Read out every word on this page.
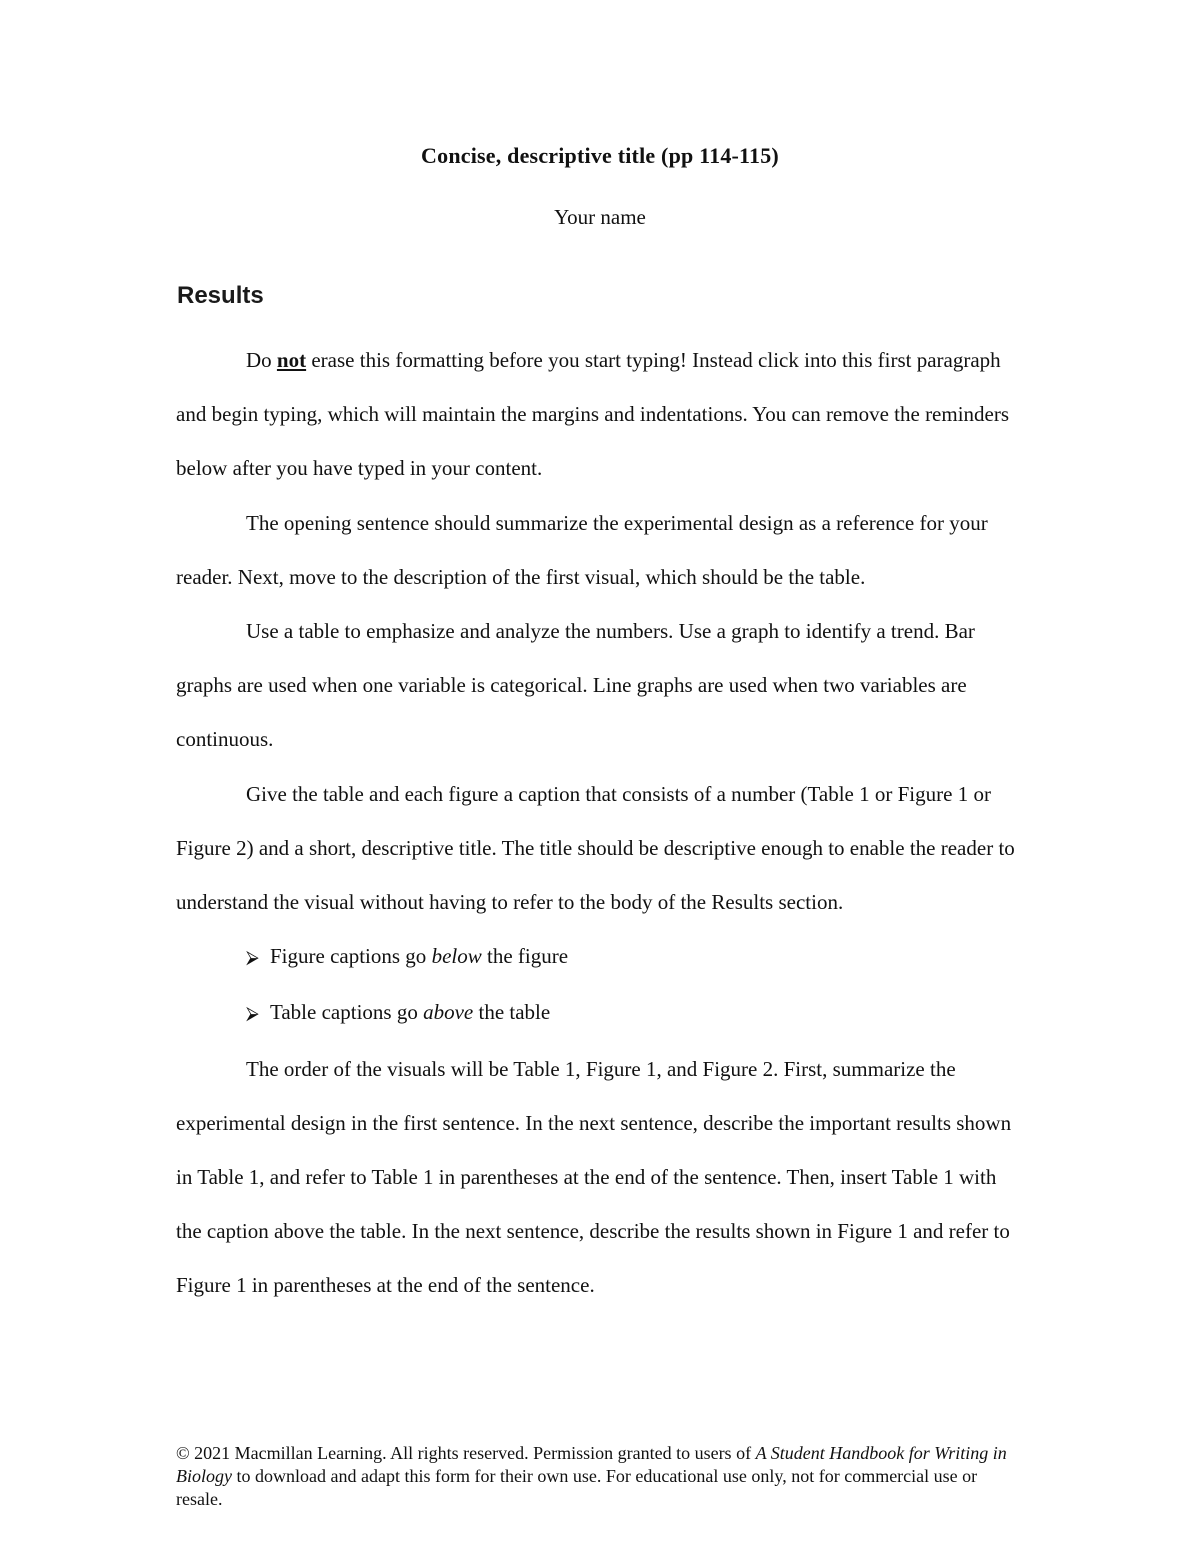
Concise, descriptive title (pp 114-115)
Your name
Results

Do not erase this formatting before you start typing! Instead click into this first paragraph and begin typing, which will maintain the margins and indentations. You can remove the reminders below after you have typed in your content.

The opening sentence should summarize the experimental design as a reference for your reader. Next, move to the description of the first visual, which should be the table.

Use a table to emphasize and analyze the numbers. Use a graph to identify a trend. Bar graphs are used when one variable is categorical. Line graphs are used when two variables are continuous.

Give the table and each figure a caption that consists of a number (Table 1 or Figure 1 or Figure 2) and a short, descriptive title. The title should be descriptive enough to enable the reader to understand the visual without having to refer to the body of the Results section.

⮚ Figure captions go below the figure

⮚ Table captions go above the table

The order of the visuals will be Table 1, Figure 1, and Figure 2. First, summarize the experimental design in the first sentence. In the next sentence, describe the important results shown in Table 1, and refer to Table 1 in parentheses at the end of the sentence. Then, insert Table 1 with the caption above the table. In the next sentence, describe the results shown in Figure 1 and refer to Figure 1 in parentheses at the end of the sentence.

© 2021 Macmillan Learning. All rights reserved. Permission granted to users of A Student Handbook for Writing in Biology to download and adapt this form for their own use. For educational use only, not for commercial use or resale.
